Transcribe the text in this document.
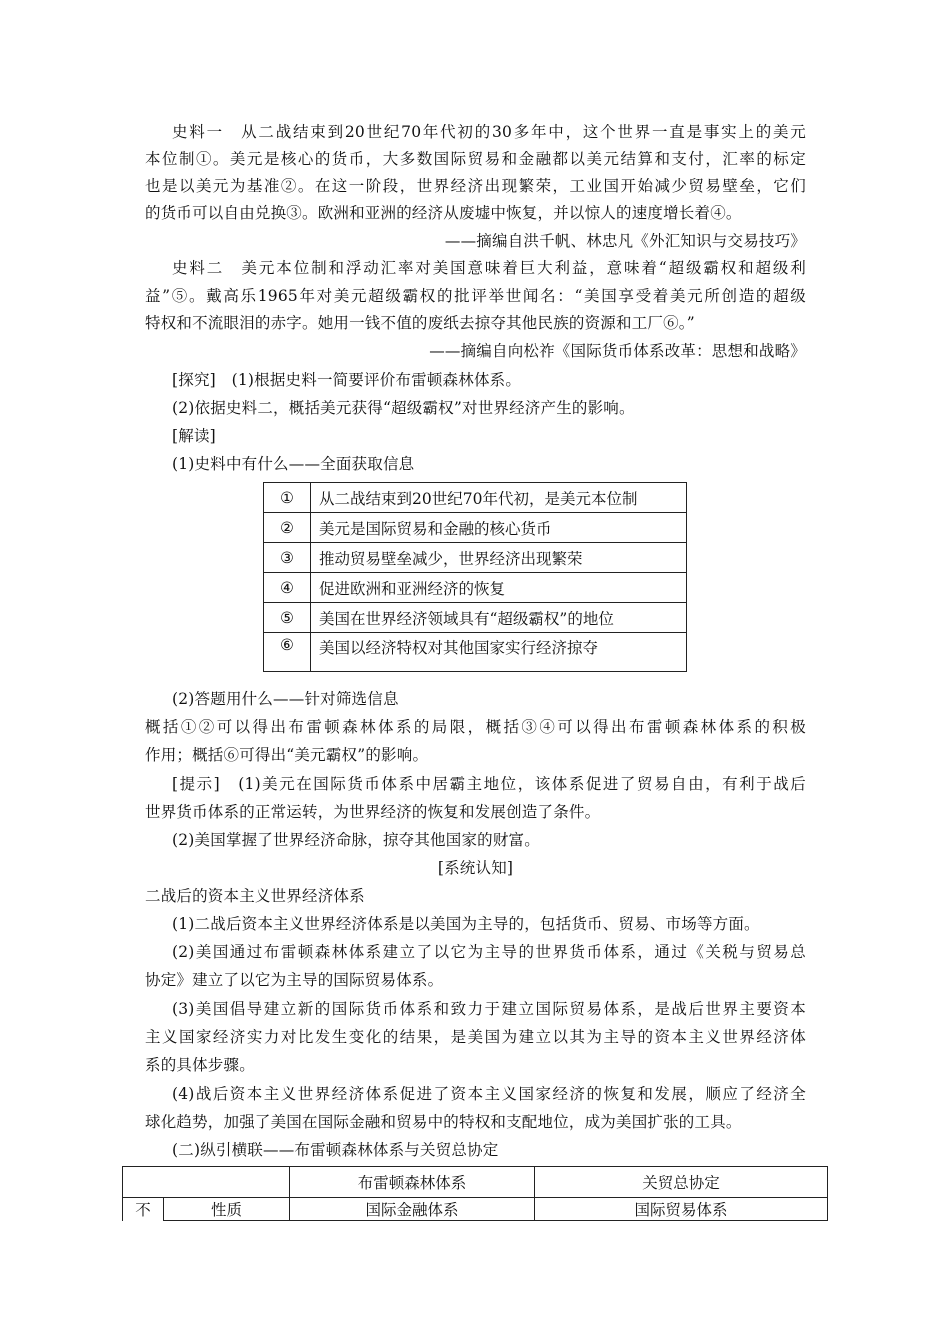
史料一　从二战结束到20世纪70年代初的30多年中，这个世界一直是事实上的美元
本位制①。美元是核心的货币，大多数国际贸易和金融都以美元结算和支付，汇率的标定
也是以美元为基准②。在这一阶段，世界经济出现繁荣，工业国开始减少贸易壁垒，它们
的货币可以自由兑换③。欧洲和亚洲的经济从废墟中恢复，并以惊人的速度增长着④。
——摘编自洪千帆、林忠凡《外汇知识与交易技巧》
史料二　美元本位制和浮动汇率对美国意味着巨大利益，意味着“超级霸权和超级利
益”⑤。戴高乐1965年对美元超级霸权的批评举世闻名：“美国享受着美元所创造的超级
特权和不流眼泪的赤字。她用一钱不值的废纸去掠夺其他民族的资源和工厂⑥。”
——摘编自向松祚《国际货币体系改革：思想和战略》
[探究]　(1)根据史料一简要评价布雷顿森林体系。
(2)依据史料二，概括美元获得“超级霸权”对世界经济产生的影响。
[解读]
(1)史料中有什么——全面获取信息
①	从二战结束到20世纪70年代初，是美元本位制
②	美元是国际贸易和金融的核心货币
③	推动贸易壁垒减少，世界经济出现繁荣
④	促进欧洲和亚洲经济的恢复
⑤	美国在世界经济领域具有“超级霸权”的地位
⑥	美国以经济特权对其他国家实行经济掠夺
(2)答题用什么——针对筛选信息
概括①②可以得出布雷顿森林体系的局限，概括③④可以得出布雷顿森林体系的积极
作用；概括⑥可得出“美元霸权”的影响。
[提示]　(1)美元在国际货币体系中居霸主地位，该体系促进了贸易自由，有利于战后
世界货币体系的正常运转，为世界经济的恢复和发展创造了条件。
(2)美国掌握了世界经济命脉，掠夺其他国家的财富。
[系统认知]
二战后的资本主义世界经济体系
(1)二战后资本主义世界经济体系是以美国为主导的，包括货币、贸易、市场等方面。
(2)美国通过布雷顿森林体系建立了以它为主导的世界货币体系，通过《关税与贸易总
协定》建立了以它为主导的国际贸易体系。
(3)美国倡导建立新的国际货币体系和致力于建立国际贸易体系，是战后世界主要资本
主义国家经济实力对比发生变化的结果，是美国为建立以其为主导的资本主义世界经济体
系的具体步骤。
(4)战后资本主义世界经济体系促进了资本主义国家经济的恢复和发展，顺应了经济全
球化趋势，加强了美国在国际金融和贸易中的特权和支配地位，成为美国扩张的工具。
(二)纵引横联——布雷顿森林体系与关贸总协定
		布雷顿森林体系	关贸总协定
不	性质	国际金融体系	国际贸易体系
